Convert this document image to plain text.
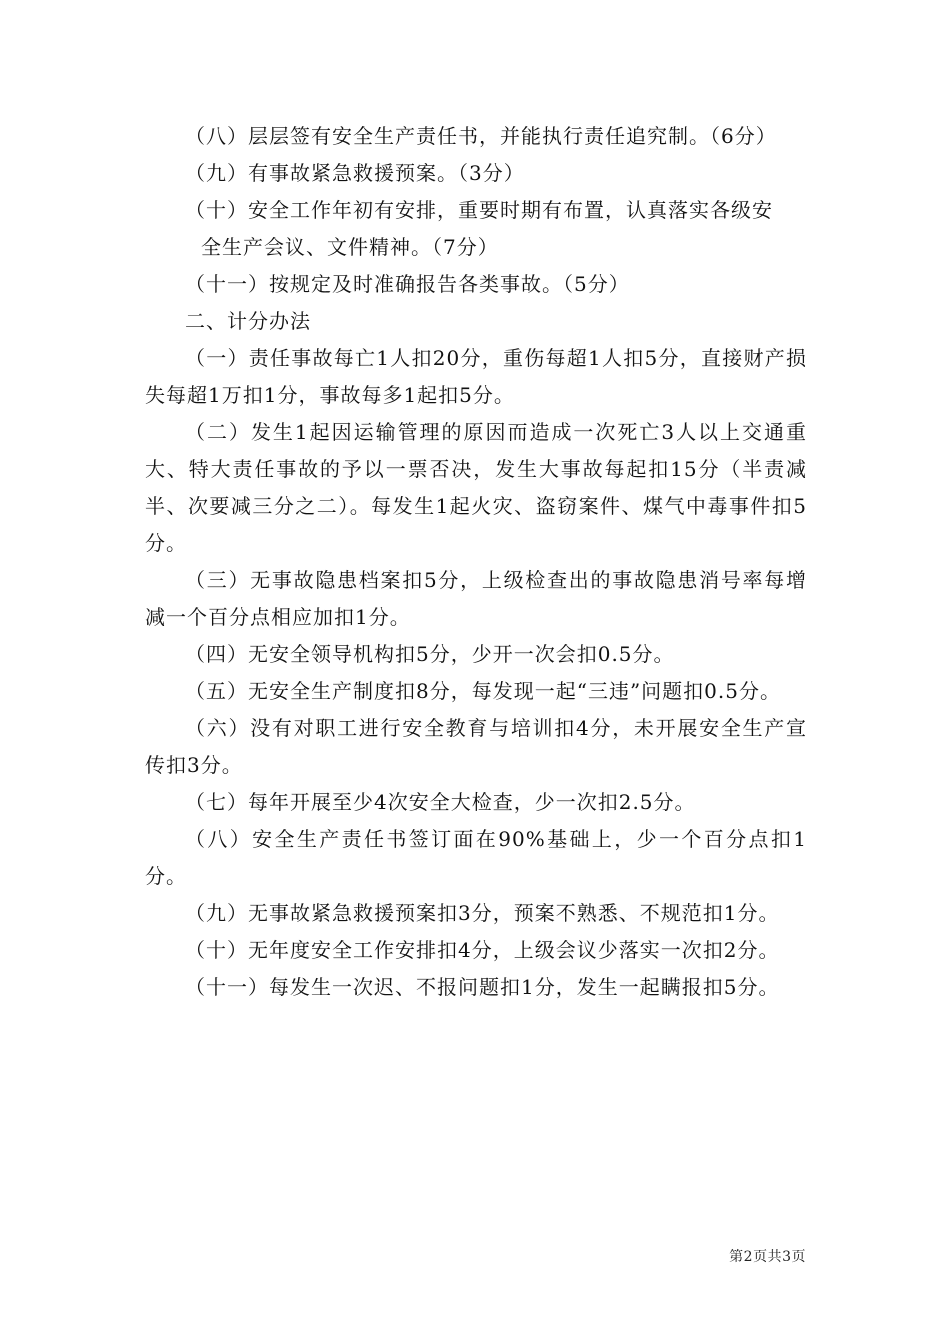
（八）层层签有安全生产责任书，并能执行责任追究制。（6分）

（九）有事故紧急救援预案。（3分）

（十）安全工作年初有安排，重要时期有布置，认真落实各级安

全生产会议、文件精神。（7分）

（十一）按规定及时准确报告各类事故。（5分）

二、计分办法

（一）责任事故每亡1人扣20分，重伤每超1人扣5分，直接财产损失每超1万扣1分，事故每多1起扣5分。

（二）发生1起因运输管理的原因而造成一次死亡3人以上交通重大、特大责任事故的予以一票否决，发生大事故每起扣15分（半责减半、次要减三分之二）。每发生1起火灾、盗窃案件、煤气中毒事件扣5分。

（三）无事故隐患档案扣5分，上级检查出的事故隐患消号率每增减一个百分点相应加扣1分。

（四）无安全领导机构扣5分，少开一次会扣0.5分。

（五）无安全生产制度扣8分，每发现一起“三违”问题扣0.5分。

（六）没有对职工进行安全教育与培训扣4分，未开展安全生产宣传扣3分。

（七）每年开展至少4次安全大检查，少一次扣2.5分。

（八）安全生产责任书签订面在90%基础上，少一个百分点扣1分。

（九）无事故紧急救援预案扣3分，预案不熟悉、不规范扣1分。

（十）无年度安全工作安排扣4分，上级会议少落实一次扣2分。

（十一）每发生一次迟、不报问题扣1分，发生一起瞒报扣5分。

第2页共3页
